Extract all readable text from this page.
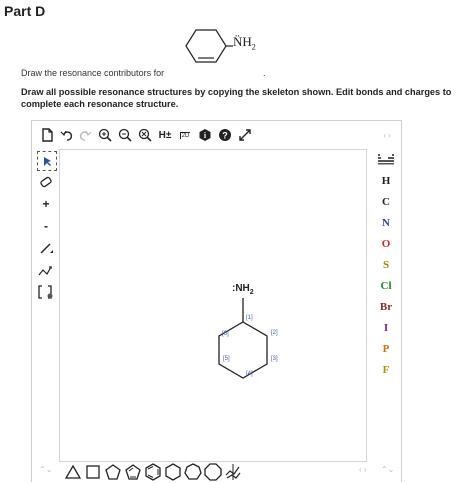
Part D
$N̈H_2$
Draw the resonance contributors for	.
Draw all possible resonance structures by copying the skeleton shown. Edit bonds and charges to complete each resonance structure.
H±	2D i ?	‹ ›
+
-
n
$:NH_2$
[1]
[2]
[3]
[4]
[5]
[6]
H
C
N
O
S
Cl
Br
I
P
F
⌃⌄	‹ ›	⌃⌄
